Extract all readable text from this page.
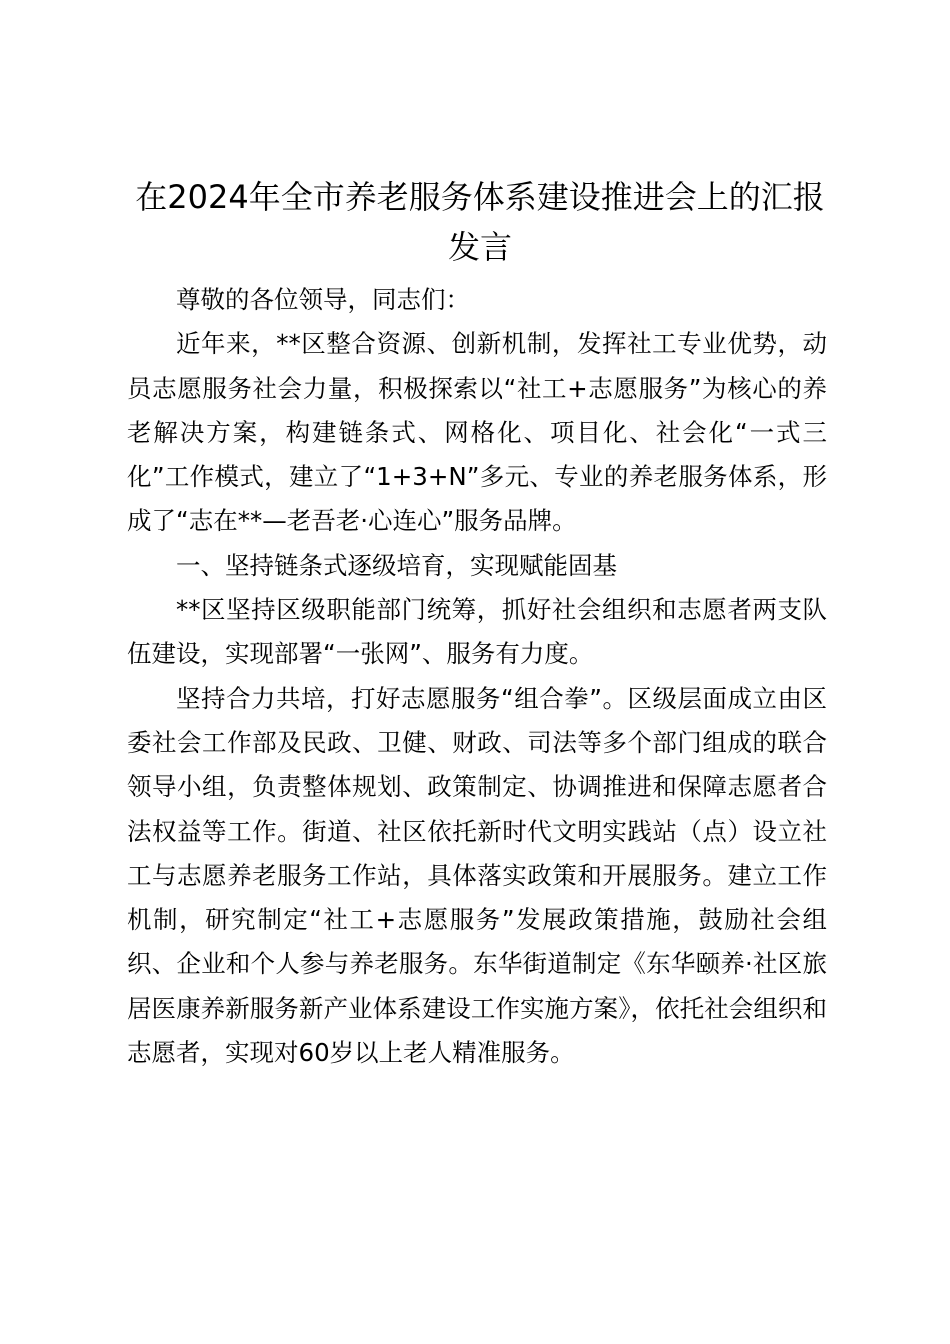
在2024年全市养老服务体系建设推进会上的汇报发言

尊敬的各位领导，同志们：

近年来，**区整合资源、创新机制，发挥社工专业优势，动员志愿服务社会力量，积极探索以“社工+志愿服务”为核心的养老解决方案，构建链条式、网格化、项目化、社会化“一式三化”工作模式，建立了“1+3+N”多元、专业的养老服务体系，形成了“志在**—老吾老·心连心”服务品牌。

一、坚持链条式逐级培育，实现赋能固基

**区坚持区级职能部门统筹，抓好社会组织和志愿者两支队伍建设，实现部署“一张网”、服务有力度。

坚持合力共培，打好志愿服务“组合拳”。区级层面成立由区委社会工作部及民政、卫健、财政、司法等多个部门组成的联合领导小组，负责整体规划、政策制定、协调推进和保障志愿者合法权益等工作。街道、社区依托新时代文明实践站（点）设立社工与志愿养老服务工作站，具体落实政策和开展服务。建立工作机制，研究制定“社工+志愿服务”发展政策措施，鼓励社会组织、企业和个人参与养老服务。东华街道制定《东华颐养·社区旅居医康养新服务新产业体系建设工作实施方案》，依托社会组织和志愿者，实现对60岁以上老人精准服务。
